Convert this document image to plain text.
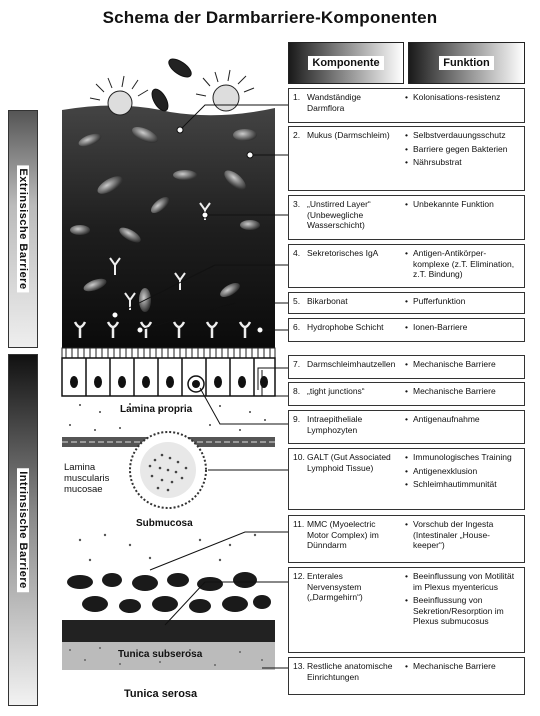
Schema der Darmbarriere-Komponenten
Extrinsische Barriere
Intrinsische Barriere
Lamina propria
Lamina muscularis mucosae
Submucosa
Tunica subserosa
Tunica serosa
Komponente	Funktion
1. Wandständige Darmflora
• Kolonisations-resistenz
2. Mukus (Darmschleim)	• Selbstverdauungsschutz
• Barriere gegen Bakterien
• Nährsubstrat
3. „Unstirred Layer“ (Unbewegliche Wasserschicht)
• Unbekannte Funktion
4. Sekretorisches IgA	• Antigen-Antikörper-komplexe (z.T. Elimination, z.T. Bindung)
5. Bikarbonat	• Pufferfunktion
6. Hydrophobe Schicht	• Ionen-Barriere
7. Darmschleimhautzellen	• Mechanische Barriere
8. „tight junctions“	• Mechanische Barriere
9. Intraepitheliale Lymphozyten
• Antigenaufnahme
10. GALT (Gut Associated Lymphoid Tissue)
• Immunologisches Training
• Antigenexklusion
• Schleimhautimmunität
11. MMC (Myoelectric Motor Complex) im Dünndarm
• Vorschub der Ingesta (Intestinaler „House-keeper“)
12. Enterales Nervensystem („Darmgehirn“)
• Beeinflussung von Motilität im Plexus myentericus
• Beeinflussung von Sekretion/Resorption im Plexus submucosus
13. Restliche anatomische Einrichtungen
• Mechanische Barriere
